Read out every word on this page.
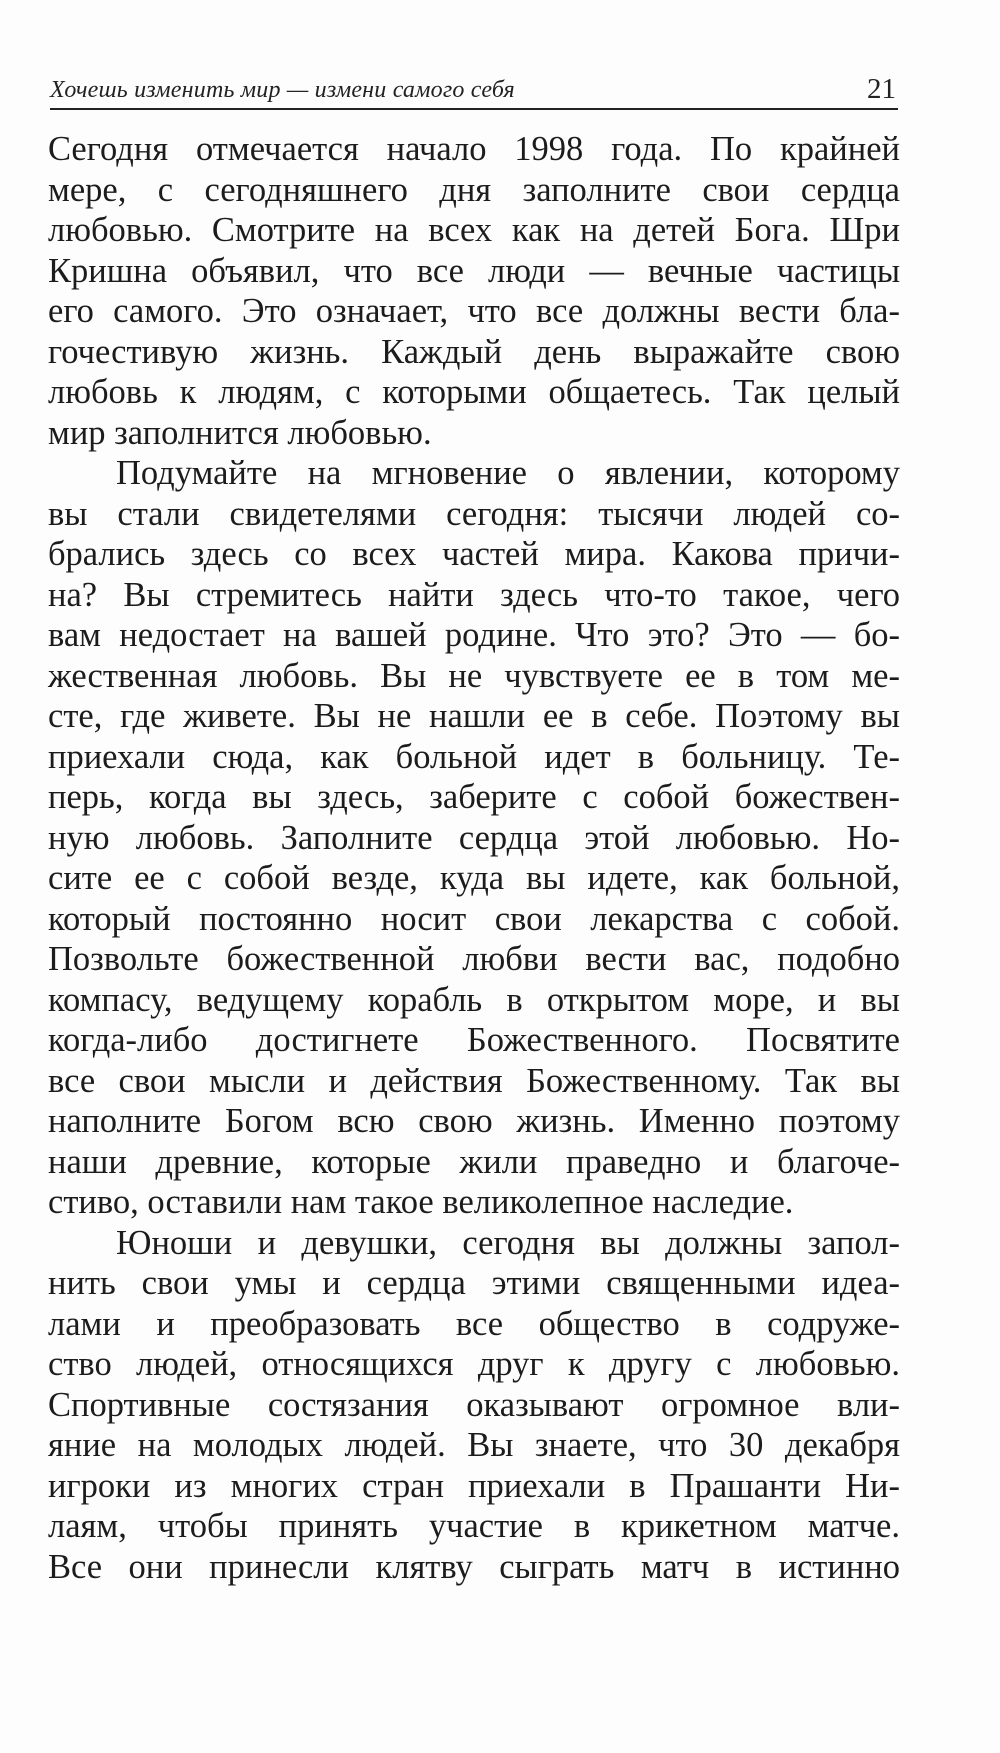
Хочешь изменить мир — измени самого себя	21
Сегодня отмечается начало 1998 года. По крайней
мере, с сегодняшнего дня заполните свои сердца
любовью. Смотрите на всех как на детей Бога. Шри
Кришна объявил, что все люди — вечные частицы
его самого. Это означает, что все должны вести бла-
гочестивую жизнь. Каждый день выражайте свою
любовь к людям, с которыми общаетесь. Так целый
мир заполнится любовью.
Подумайте на мгновение о явлении, которому
вы стали свидетелями сегодня: тысячи людей со-
брались здесь со всех частей мира. Какова причи-
на? Вы стремитесь найти здесь что-то такое, чего
вам недостает на вашей родине. Что это? Это — бо-
жественная любовь. Вы не чувствуете ее в том ме-
сте, где живете. Вы не нашли ее в себе. Поэтому вы
приехали сюда, как больной идет в больницу. Те-
перь, когда вы здесь, заберите с собой божествен-
ную любовь. Заполните сердца этой любовью. Но-
сите ее с собой везде, куда вы идете, как больной,
который постоянно носит свои лекарства с собой.
Позвольте божественной любви вести вас, подобно
компасу, ведущему корабль в открытом море, и вы
когда-либо достигнете Божественного. Посвятите
все свои мысли и действия Божественному. Так вы
наполните Богом всю свою жизнь. Именно поэтому
наши древние, которые жили праведно и благоче-
стиво, оставили нам такое великолепное наследие.
Юноши и девушки, сегодня вы должны запол-
нить свои умы и сердца этими священными идеа-
лами и преобразовать все общество в содруже-
ство людей, относящихся друг к другу с любовью.
Спортивные состязания оказывают огромное вли-
яние на молодых людей. Вы знаете, что 30 декабря
игроки из многих стран приехали в Прашанти Ни-
лаям, чтобы принять участие в крикетном матче.
Все они принесли клятву сыграть матч в истинно
